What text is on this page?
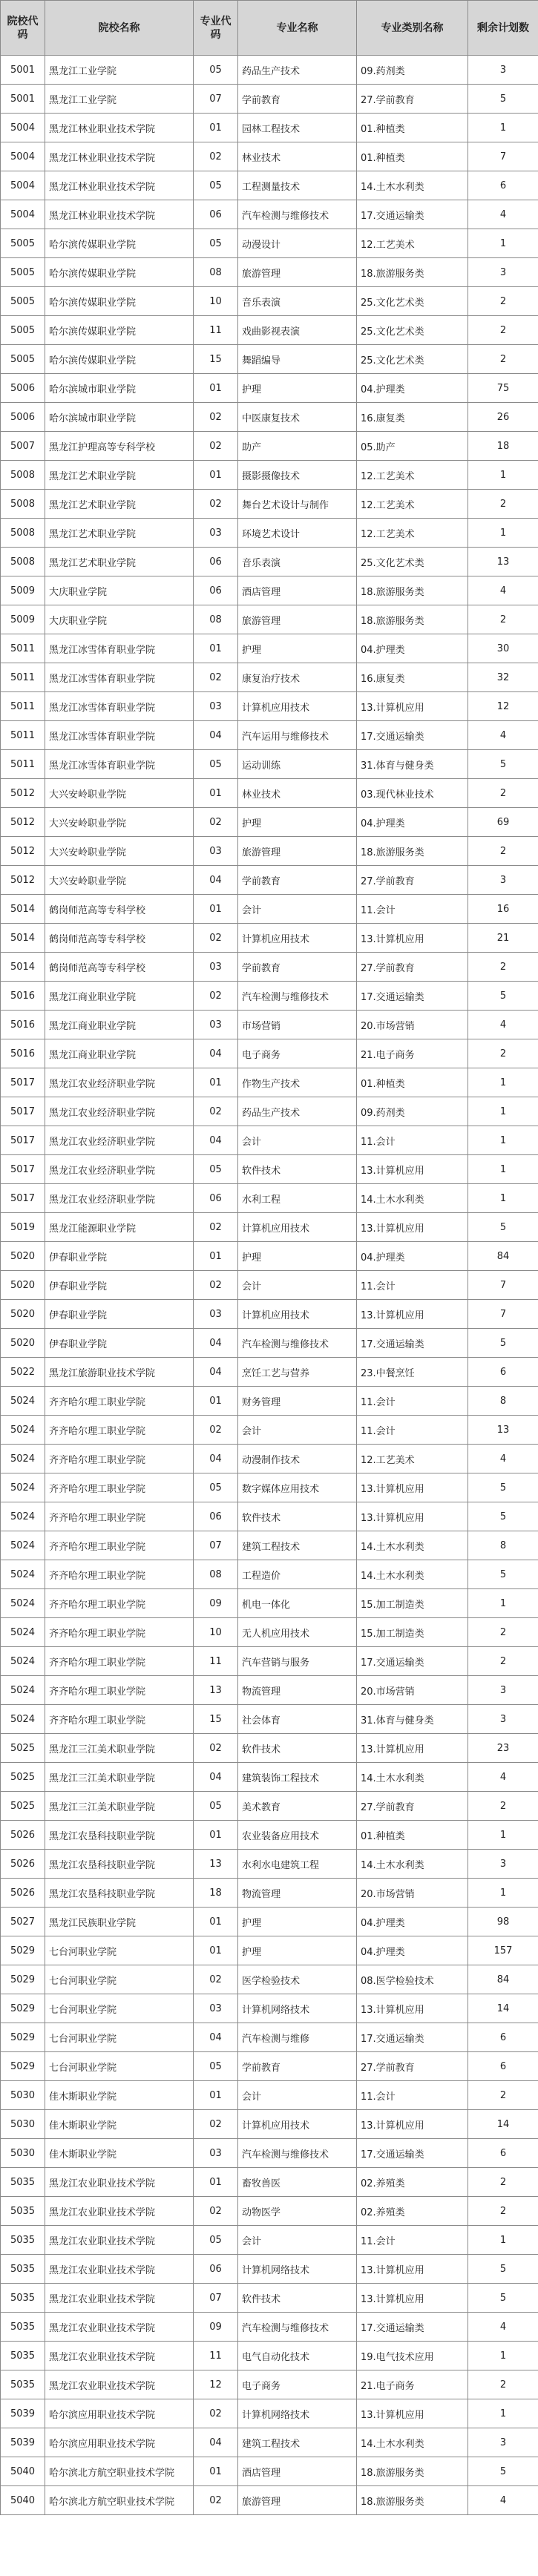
院校代码	院校名称	专业代码	专业名称	专业类别名称	剩余计划数
5001	黑龙江工业学院	05	药品生产技术	09.药剂类	3
5001	黑龙江工业学院	07	学前教育	27.学前教育	5
5004	黑龙江林业职业技术学院	01	园林工程技术	01.种植类	1
5004	黑龙江林业职业技术学院	02	林业技术	01.种植类	7
5004	黑龙江林业职业技术学院	05	工程测量技术	14.土木水利类	6
5004	黑龙江林业职业技术学院	06	汽车检测与维修技术	17.交通运输类	4
5005	哈尔滨传媒职业学院	05	动漫设计	12.工艺美术	1
5005	哈尔滨传媒职业学院	08	旅游管理	18.旅游服务类	3
5005	哈尔滨传媒职业学院	10	音乐表演	25.文化艺术类	2
5005	哈尔滨传媒职业学院	11	戏曲影视表演	25.文化艺术类	2
5005	哈尔滨传媒职业学院	15	舞蹈编导	25.文化艺术类	2
5006	哈尔滨城市职业学院	01	护理	04.护理类	75
5006	哈尔滨城市职业学院	02	中医康复技术	16.康复类	26
5007	黑龙江护理高等专科学校	02	助产	05.助产	18
5008	黑龙江艺术职业学院	01	摄影摄像技术	12.工艺美术	1
5008	黑龙江艺术职业学院	02	舞台艺术设计与制作	12.工艺美术	2
5008	黑龙江艺术职业学院	03	环境艺术设计	12.工艺美术	1
5008	黑龙江艺术职业学院	06	音乐表演	25.文化艺术类	13
5009	大庆职业学院	06	酒店管理	18.旅游服务类	4
5009	大庆职业学院	08	旅游管理	18.旅游服务类	2
5011	黑龙江冰雪体育职业学院	01	护理	04.护理类	30
5011	黑龙江冰雪体育职业学院	02	康复治疗技术	16.康复类	32
5011	黑龙江冰雪体育职业学院	03	计算机应用技术	13.计算机应用	12
5011	黑龙江冰雪体育职业学院	04	汽车运用与维修技术	17.交通运输类	4
5011	黑龙江冰雪体育职业学院	05	运动训练	31.体育与健身类	5
5012	大兴安岭职业学院	01	林业技术	03.现代林业技术	2
5012	大兴安岭职业学院	02	护理	04.护理类	69
5012	大兴安岭职业学院	03	旅游管理	18.旅游服务类	2
5012	大兴安岭职业学院	04	学前教育	27.学前教育	3
5014	鹤岗师范高等专科学校	01	会计	11.会计	16
5014	鹤岗师范高等专科学校	02	计算机应用技术	13.计算机应用	21
5014	鹤岗师范高等专科学校	03	学前教育	27.学前教育	2
5016	黑龙江商业职业学院	02	汽车检测与维修技术	17.交通运输类	5
5016	黑龙江商业职业学院	03	市场营销	20.市场营销	4
5016	黑龙江商业职业学院	04	电子商务	21.电子商务	2
5017	黑龙江农业经济职业学院	01	作物生产技术	01.种植类	1
5017	黑龙江农业经济职业学院	02	药品生产技术	09.药剂类	1
5017	黑龙江农业经济职业学院	04	会计	11.会计	1
5017	黑龙江农业经济职业学院	05	软件技术	13.计算机应用	1
5017	黑龙江农业经济职业学院	06	水利工程	14.土木水利类	1
5019	黑龙江能源职业学院	02	计算机应用技术	13.计算机应用	5
5020	伊春职业学院	01	护理	04.护理类	84
5020	伊春职业学院	02	会计	11.会计	7
5020	伊春职业学院	03	计算机应用技术	13.计算机应用	7
5020	伊春职业学院	04	汽车检测与维修技术	17.交通运输类	5
5022	黑龙江旅游职业技术学院	04	烹饪工艺与营养	23.中餐烹饪	6
5024	齐齐哈尔理工职业学院	01	财务管理	11.会计	8
5024	齐齐哈尔理工职业学院	02	会计	11.会计	13
5024	齐齐哈尔理工职业学院	04	动漫制作技术	12.工艺美术	4
5024	齐齐哈尔理工职业学院	05	数字媒体应用技术	13.计算机应用	5
5024	齐齐哈尔理工职业学院	06	软件技术	13.计算机应用	5
5024	齐齐哈尔理工职业学院	07	建筑工程技术	14.土木水利类	8
5024	齐齐哈尔理工职业学院	08	工程造价	14.土木水利类	5
5024	齐齐哈尔理工职业学院	09	机电一体化	15.加工制造类	1
5024	齐齐哈尔理工职业学院	10	无人机应用技术	15.加工制造类	2
5024	齐齐哈尔理工职业学院	11	汽车营销与服务	17.交通运输类	2
5024	齐齐哈尔理工职业学院	13	物流管理	20.市场营销	3
5024	齐齐哈尔理工职业学院	15	社会体育	31.体育与健身类	3
5025	黑龙江三江美术职业学院	02	软件技术	13.计算机应用	23
5025	黑龙江三江美术职业学院	04	建筑装饰工程技术	14.土木水利类	4
5025	黑龙江三江美术职业学院	05	美术教育	27.学前教育	2
5026	黑龙江农垦科技职业学院	01	农业装备应用技术	01.种植类	1
5026	黑龙江农垦科技职业学院	13	水利水电建筑工程	14.土木水利类	3
5026	黑龙江农垦科技职业学院	18	物流管理	20.市场营销	1
5027	黑龙江民族职业学院	01	护理	04.护理类	98
5029	七台河职业学院	01	护理	04.护理类	157
5029	七台河职业学院	02	医学检验技术	08.医学检验技术	84
5029	七台河职业学院	03	计算机网络技术	13.计算机应用	14
5029	七台河职业学院	04	汽车检测与维修	17.交通运输类	6
5029	七台河职业学院	05	学前教育	27.学前教育	6
5030	佳木斯职业学院	01	会计	11.会计	2
5030	佳木斯职业学院	02	计算机应用技术	13.计算机应用	14
5030	佳木斯职业学院	03	汽车检测与维修技术	17.交通运输类	6
5035	黑龙江农业职业技术学院	01	畜牧兽医	02.养殖类	2
5035	黑龙江农业职业技术学院	02	动物医学	02.养殖类	2
5035	黑龙江农业职业技术学院	05	会计	11.会计	1
5035	黑龙江农业职业技术学院	06	计算机网络技术	13.计算机应用	5
5035	黑龙江农业职业技术学院	07	软件技术	13.计算机应用	5
5035	黑龙江农业职业技术学院	09	汽车检测与维修技术	17.交通运输类	4
5035	黑龙江农业职业技术学院	11	电气自动化技术	19.电气技术应用	1
5035	黑龙江农业职业技术学院	12	电子商务	21.电子商务	2
5039	哈尔滨应用职业技术学院	02	计算机网络技术	13.计算机应用	1
5039	哈尔滨应用职业技术学院	04	建筑工程技术	14.土木水利类	3
5040	哈尔滨北方航空职业技术学院	01	酒店管理	18.旅游服务类	5
5040	哈尔滨北方航空职业技术学院	02	旅游管理	18.旅游服务类	4
